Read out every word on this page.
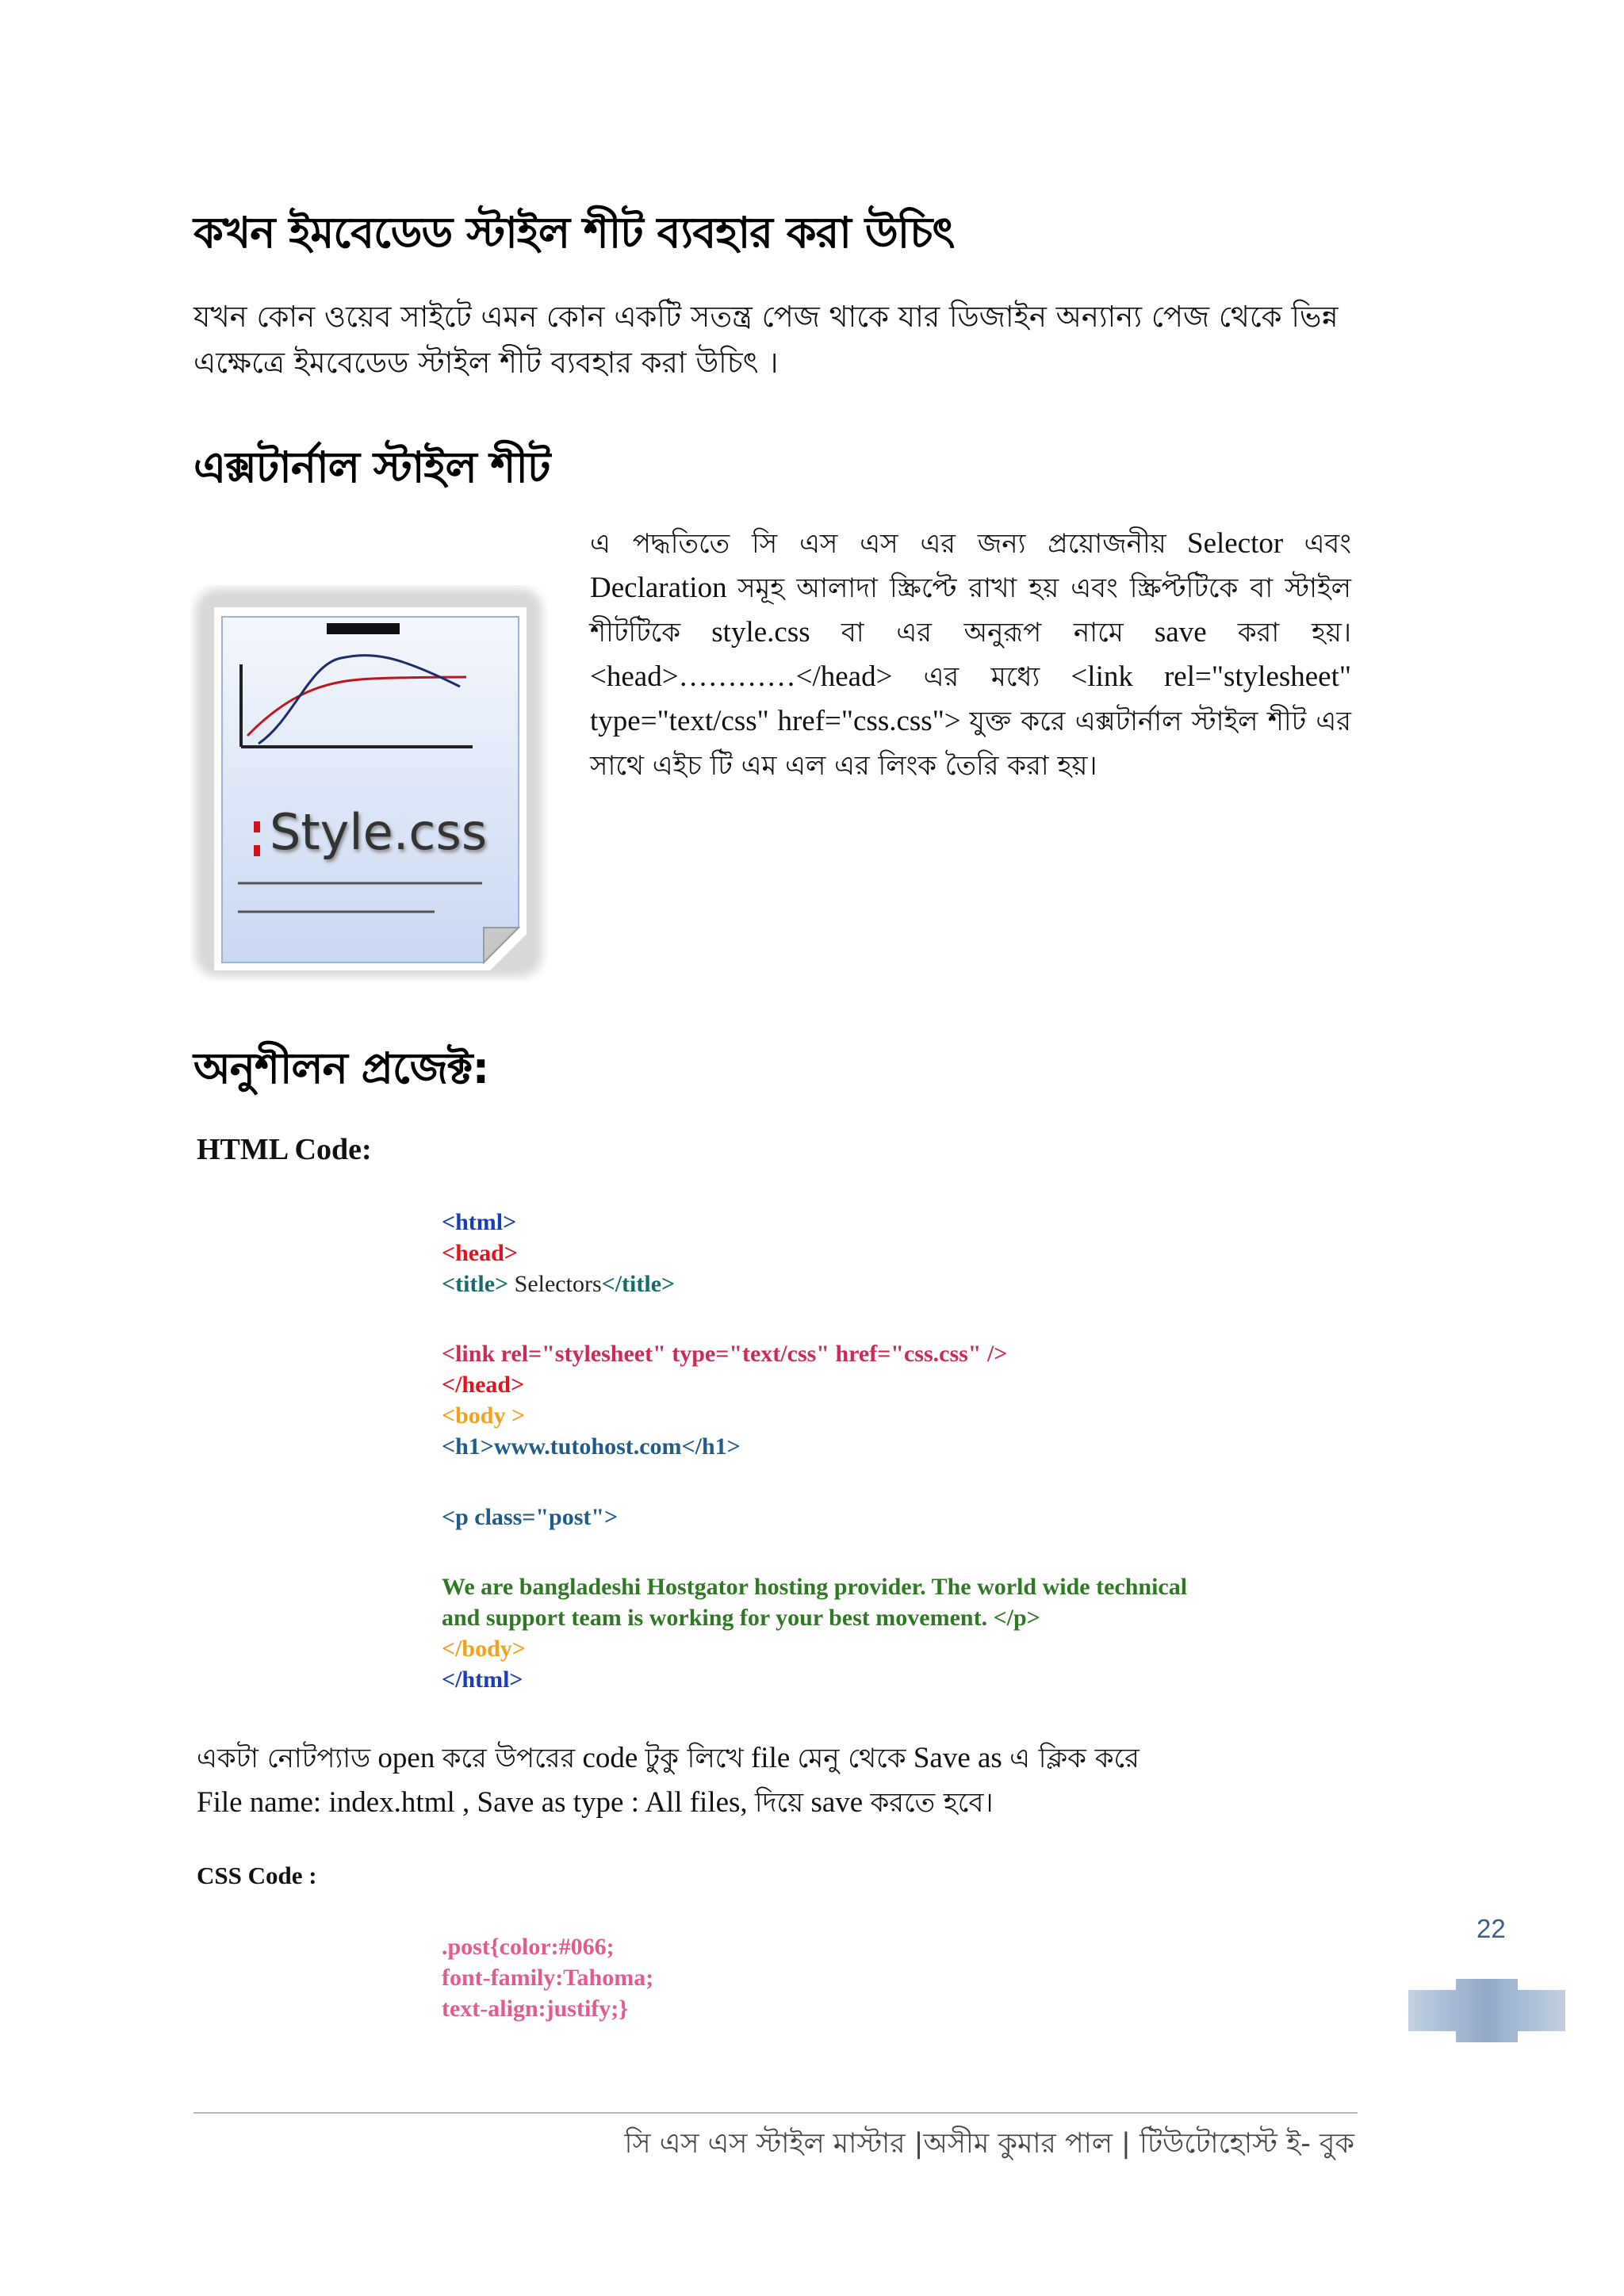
কখন ইমবেডেড স্টাইল শীট ব্যবহার করা উচিৎ
যখন কোন ওয়েব সাইটে এমন কোন একটি সতন্ত্র পেজ থাকে যার ডিজাইন অন্যান্য পেজ থেকে ভিন্ন
এক্ষেত্রে ইমবেডেড স্টাইল শীট ব্যবহার করা উচিৎ ।
এক্সটার্নাল স্টাইল শীট
Style.css
এ পদ্ধতিতে সি এস এস এর জন্য প্রয়োজনীয় Selector এবং Declaration সমূহ আলাদা স্ক্রিপ্টে রাখা হয় এবং স্ক্রিপ্টটিকে বা স্টাইল শীটটিকে style.css বা এর অনুরূপ নামে save করা হয়। <head>…………</head> এর মধ্যে <link rel="stylesheet" type="text/css" href="css.css"> যুক্ত করে এক্সটার্নাল স্টাইল শীট এর সাথে এইচ টি এম এল এর লিংক তৈরি করা হয়।
অনুশীলন প্রজেক্ট:
HTML Code:
<html>
<head>
<title> Selectors</title>
<link rel="stylesheet" type="text/css" href="css.css" />
</head>
<body >
<h1>www.tutohost.com</h1>
<p class="post">
We are bangladeshi Hostgator hosting provider. The world wide technical
and support team is working for your best movement. </p>
</body>
</html>
একটা নোটপ্যাড open করে উপরের code টুকু লিখে file মেনু থেকে Save as এ ক্লিক করে
File name: index.html , Save as type : All files, দিয়ে save করতে হবে।
CSS Code :
.post{color:#066;
font-family:Tahoma;
text-align:justify;}
22
সি এস এস স্টাইল মাস্টার |অসীম কুমার পাল | টিউটোহোস্ট ই- বুক
